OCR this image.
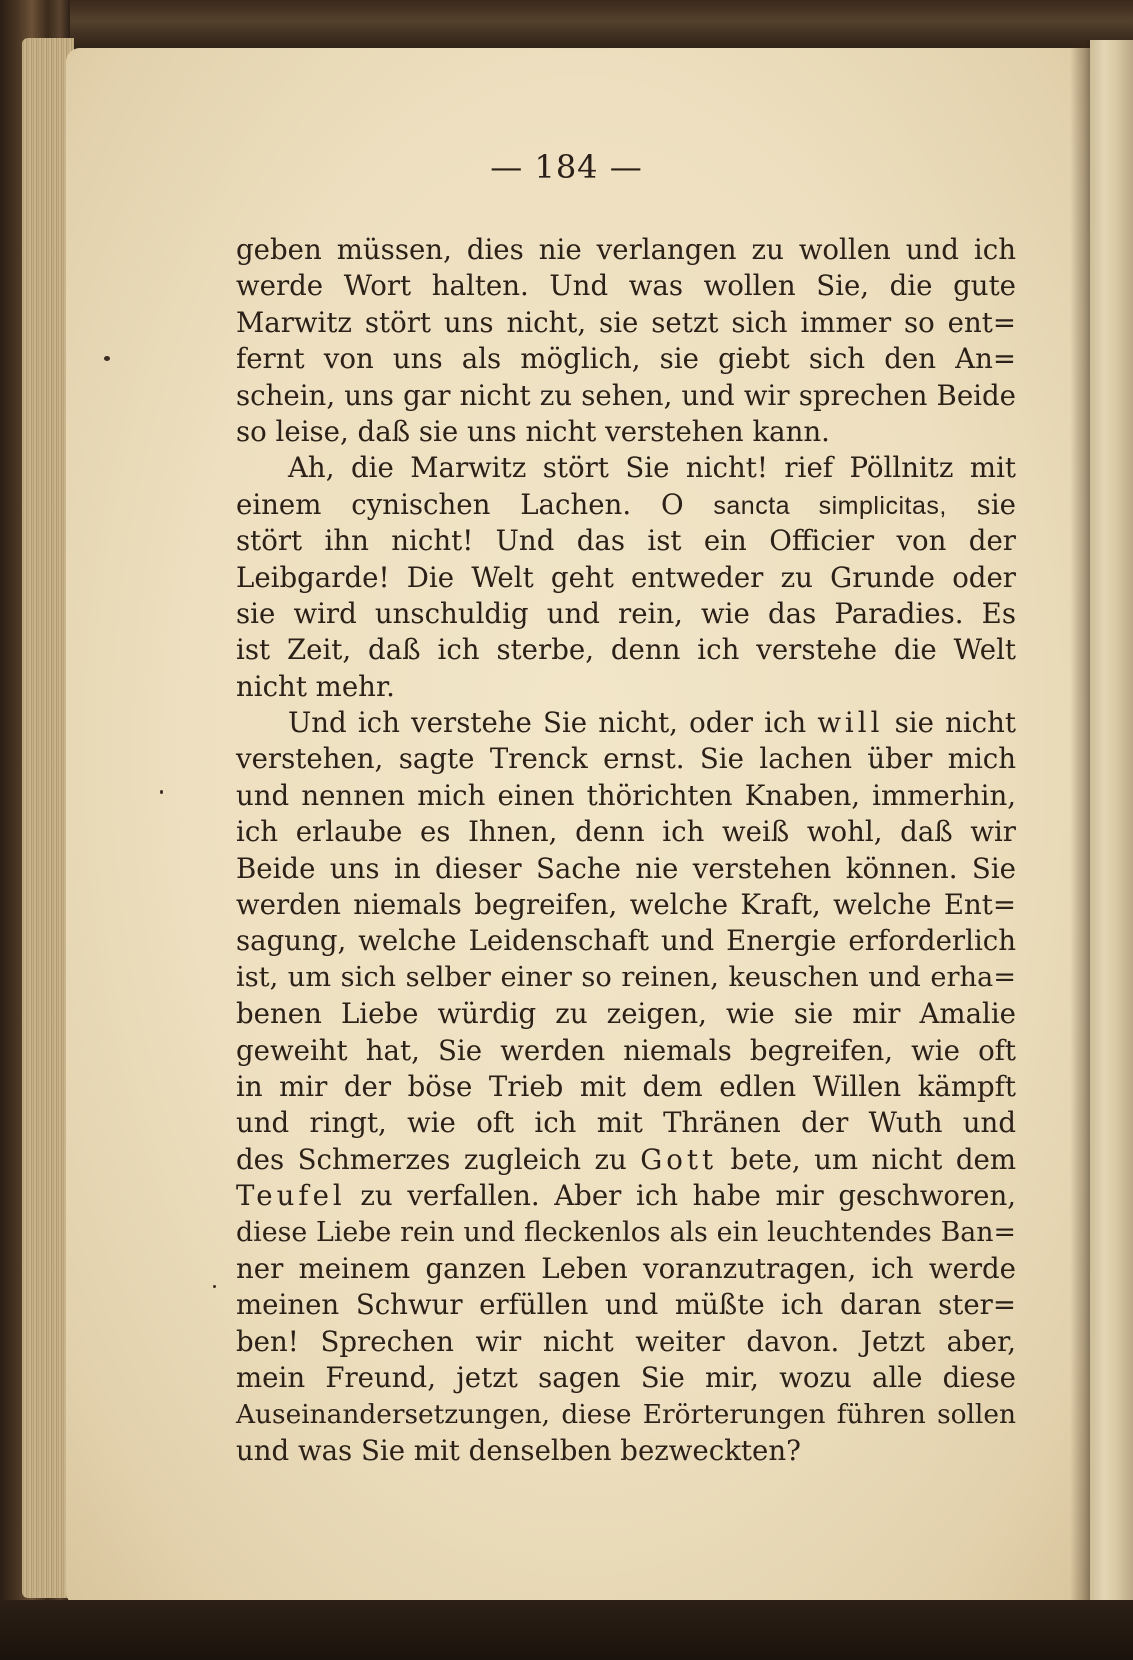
— 184 —
geben müssen, dies nie verlangen zu wollen und ich
werde Wort halten. Und was wollen Sie, die gute
Marwitz stört uns nicht, sie setzt sich immer so ent=
fernt von uns als möglich, sie giebt sich den An=
schein, uns gar nicht zu sehen, und wir sprechen Beide
so leise, daß sie uns nicht verstehen kann.
Ah, die Marwitz stört Sie nicht! rief Pöllnitz mit
einem cynischen Lachen. O sancta simplicitas, sie
stört ihn nicht! Und das ist ein Officier von der
Leibgarde! Die Welt geht entweder zu Grunde oder
sie wird unschuldig und rein, wie das Paradies. Es
ist Zeit, daß ich sterbe, denn ich verstehe die Welt
nicht mehr.
Und ich verstehe Sie nicht, oder ich will sie nicht
verstehen, sagte Trenck ernst. Sie lachen über mich
und nennen mich einen thörichten Knaben, immerhin,
ich erlaube es Ihnen, denn ich weiß wohl, daß wir
Beide uns in dieser Sache nie verstehen können. Sie
werden niemals begreifen, welche Kraft, welche Ent=
sagung, welche Leidenschaft und Energie erforderlich
ist, um sich selber einer so reinen, keuschen und erha=
benen Liebe würdig zu zeigen, wie sie mir Amalie
geweiht hat, Sie werden niemals begreifen, wie oft
in mir der böse Trieb mit dem edlen Willen kämpft
und ringt, wie oft ich mit Thränen der Wuth und
des Schmerzes zugleich zu Gott bete, um nicht dem
Teufel zu verfallen. Aber ich habe mir geschworen,
diese Liebe rein und fleckenlos als ein leuchtendes Ban=
ner meinem ganzen Leben voranzutragen, ich werde
meinen Schwur erfüllen und müßte ich daran ster=
ben! Sprechen wir nicht weiter davon. Jetzt aber,
mein Freund, jetzt sagen Sie mir, wozu alle diese
Auseinandersetzungen, diese Erörterungen führen sollen
und was Sie mit denselben bezweckten?
